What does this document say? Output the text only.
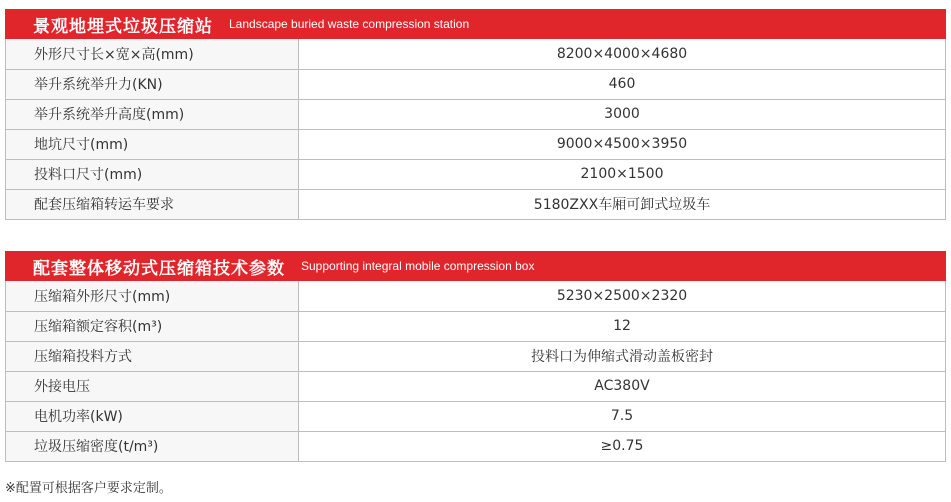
景观地埋式垃圾压缩站 Landscape buried waste compression station
外形尺寸长×宽×高(mm)	8200×4000×4680
举升系统举升力(KN)	460
举升系统举升高度(mm)	3000
地坑尺寸(mm)	9000×4500×3950
投料口尺寸(mm)	2100×1500
配套压缩箱转运车要求	5180ZXX车厢可卸式垃圾车
配套整体移动式压缩箱技术参数 Supporting integral mobile compression box
压缩箱外形尺寸(mm)	5230×2500×2320
压缩箱额定容积(m³)	12
压缩箱投料方式	投料口为伸缩式滑动盖板密封
外接电压	AC380V
电机功率(kW)	7.5
垃圾压缩密度(t/m³)	≥0.75
※配置可根据客户要求定制。
